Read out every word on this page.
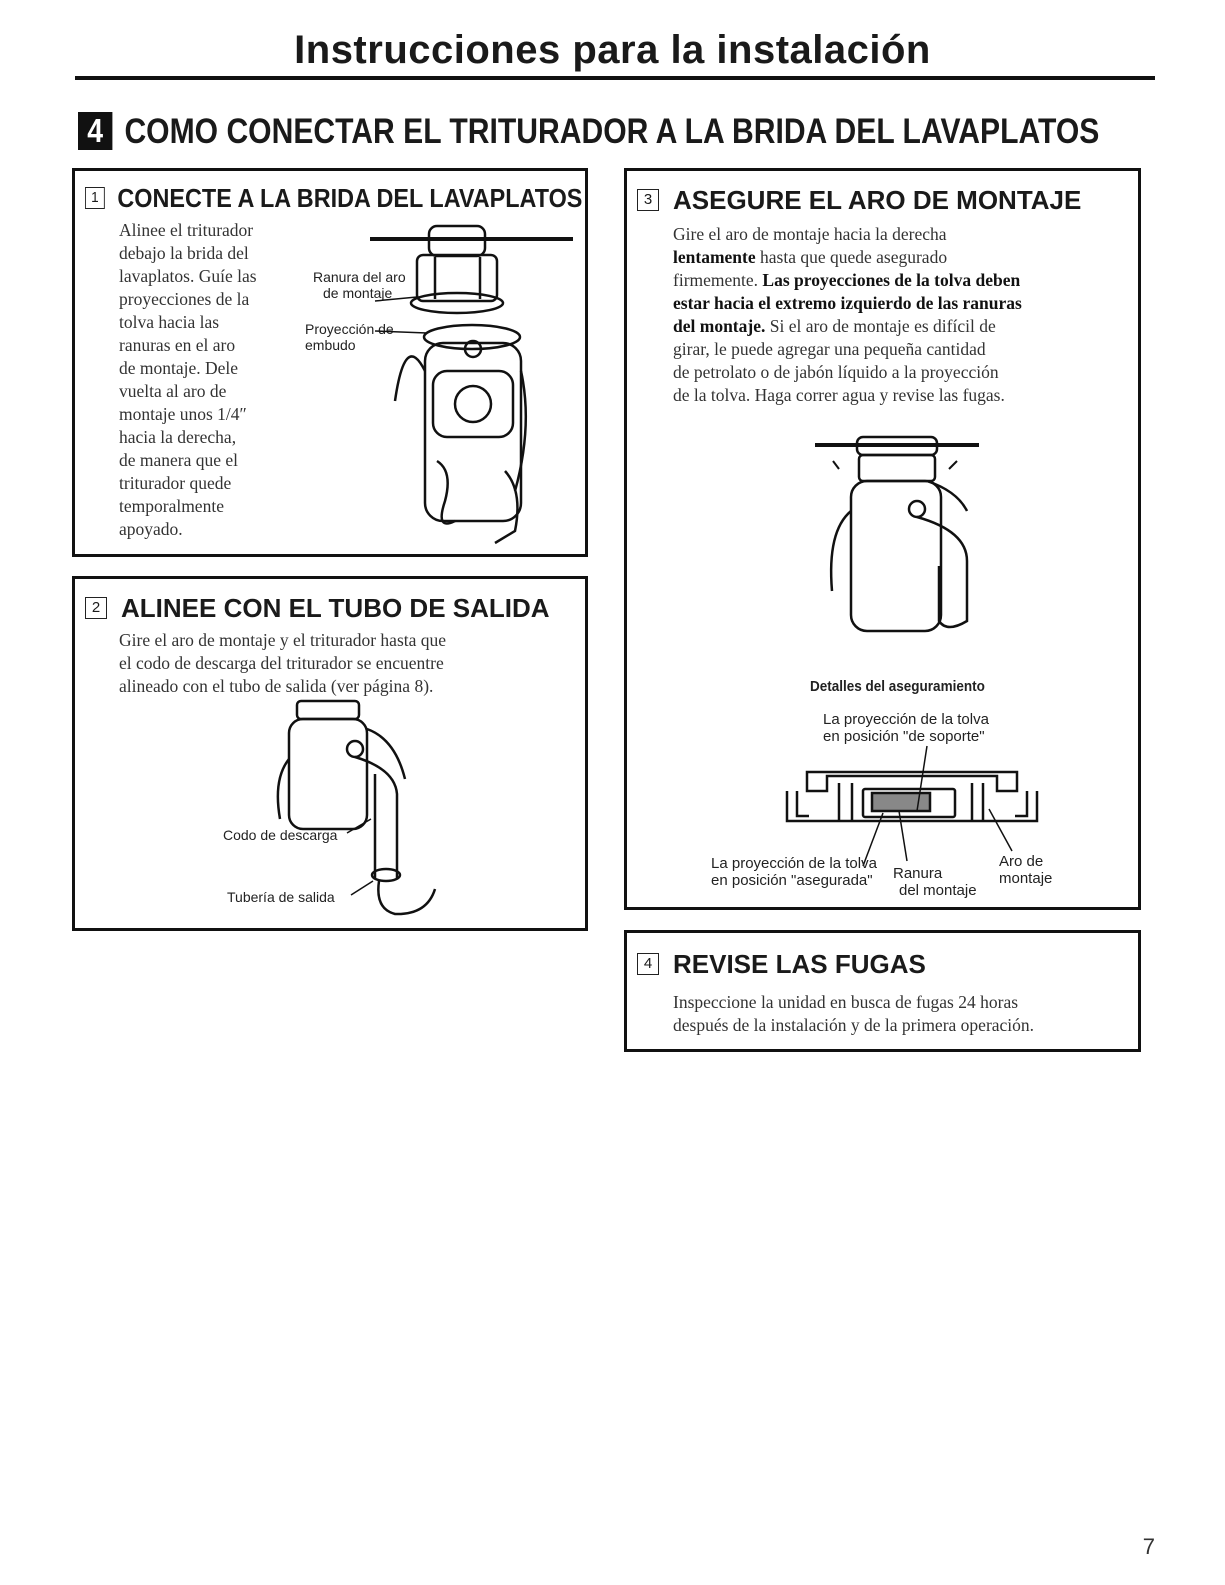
Instrucciones para la instalación
4 COMO CONECTAR EL TRITURADOR A LA BRIDA DEL LAVAPLATOS
1 CONECTE A LA BRIDA DEL LAVAPLATOS
Alinee el triturador
debajo la brida del
lavaplatos. Guíe las
proyecciones de la
tolva hacia las
ranuras en el aro
de montaje. Dele
vuelta al aro de
montaje unos 1/4″
hacia la derecha,
de manera que el
triturador quede
temporalmente
apoyado.
Ranura del aro
de montaje
Proyección de
embudo
2 ALINEE CON EL TUBO DE SALIDA
Gire el aro de montaje y el triturador hasta que
el codo de descarga del triturador se encuentre
alineado con el tubo de salida (ver página 8).
Codo de descarga
Tubería de salida
3 ASEGURE EL ARO DE MONTAJE
Gire el aro de montaje hacia la derecha
lentamente hasta que quede asegurado
firmemente. Las proyecciones de la tolva deben
estar hacia el extremo izquierdo de las ranuras
del montaje. Si el aro de montaje es difícil de
girar, le puede agregar una pequeña cantidad
de petrolato o de jabón líquido a la proyección
de la tolva. Haga correr agua y revise las fugas.
Detalles del aseguramiento
La proyección de la tolva
en posición "de soporte"
La proyección de la tolva
en posición "asegurada" Ranura
del montaje
Aro de
montaje
4 REVISE LAS FUGAS
Inspeccione la unidad en busca de fugas 24 horas
después de la instalación y de la primera operación.
7
